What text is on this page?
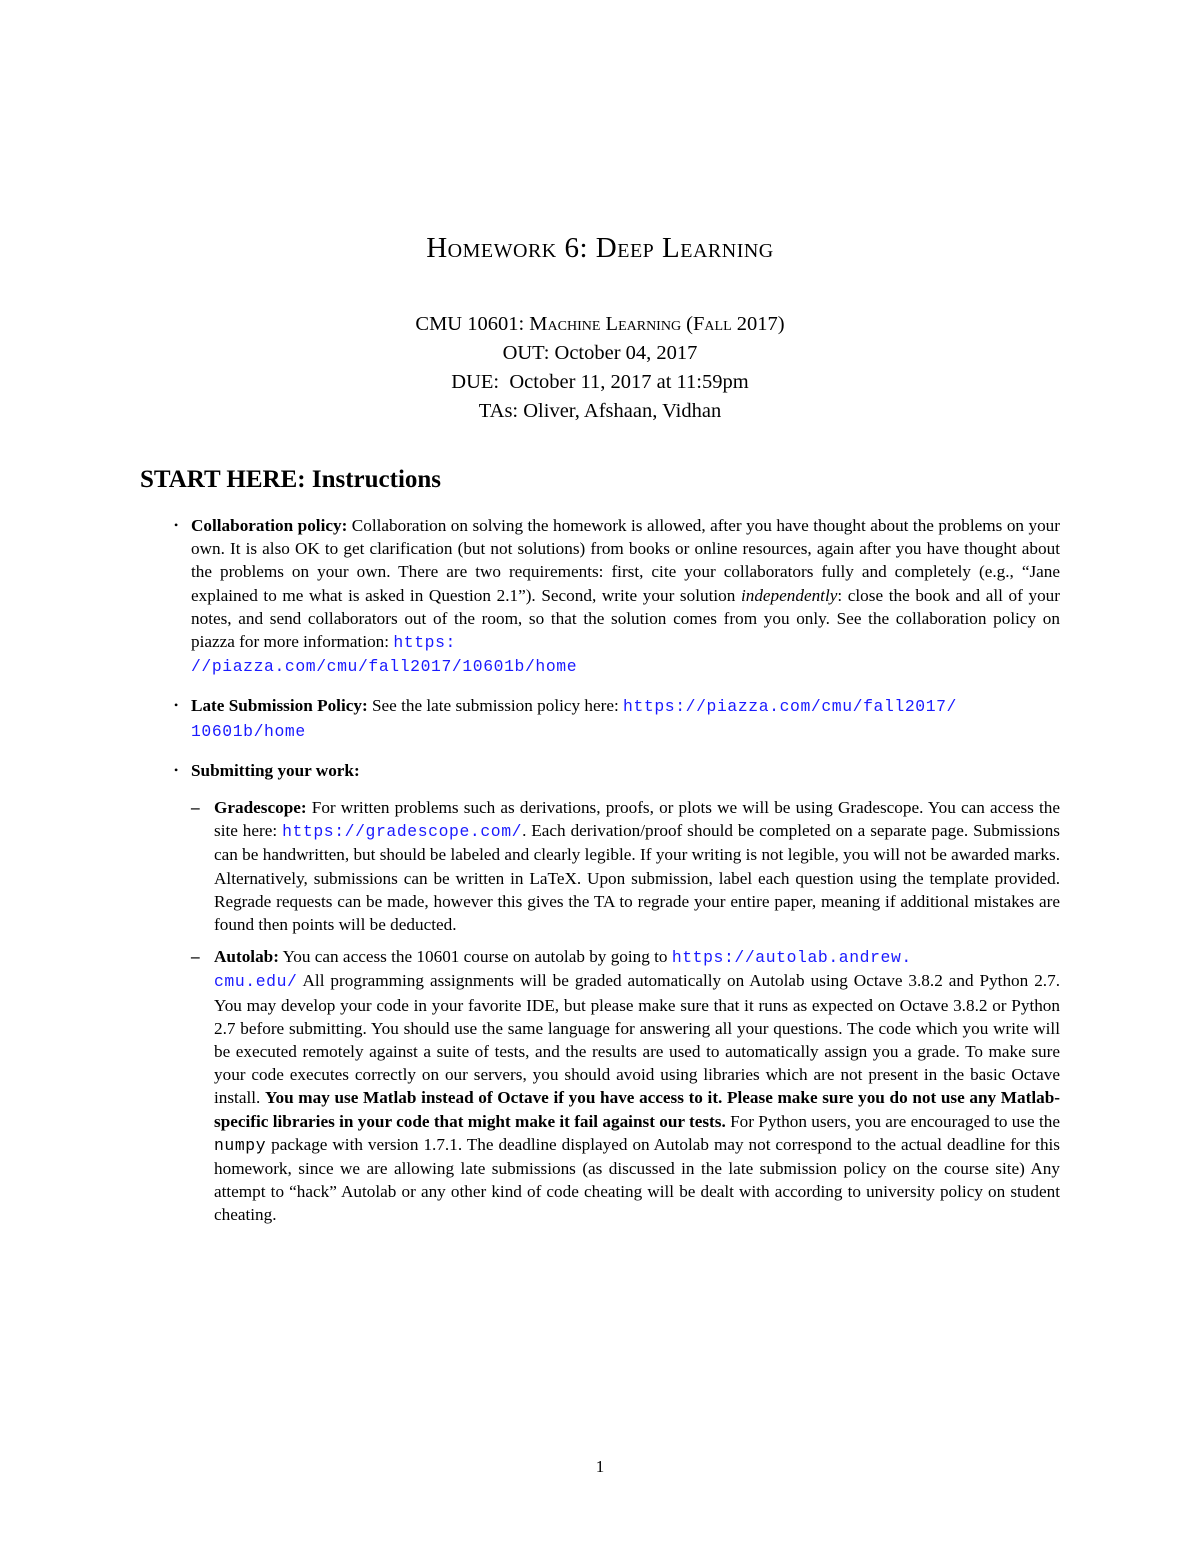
Homework 6: Deep Learning
CMU 10601: Machine Learning (Fall 2017)
OUT: October 04, 2017
DUE:  October 11, 2017 at 11:59pm
TAs: Oliver, Afshaan, Vidhan
START HERE: Instructions
• Collaboration policy: Collaboration on solving the homework is allowed, after you have thought about the problems on your own. It is also OK to get clarification (but not solutions) from books or online resources, again after you have thought about the problems on your own. There are two requirements: first, cite your collaborators fully and completely (e.g., “Jane explained to me what is asked in Question 2.1”). Second, write your solution independently: close the book and all of your notes, and send collaborators out of the room, so that the solution comes from you only. See the collaboration policy on piazza for more information: https:
//piazza.com/cmu/fall2017/10601b/home
• Late Submission Policy: See the late submission policy here: https://piazza.com/cmu/fall2017/
10601b/home
• Submitting your work:
– Gradescope: For written problems such as derivations, proofs, or plots we will be using Gradescope. You can access the site here: https://gradescope.com/. Each derivation/proof should be completed on a separate page. Submissions can be handwritten, but should be labeled and clearly legible. If your writing is not legible, you will not be awarded marks. Alternatively, submissions can be written in LaTeX. Upon submission, label each question using the template provided. Regrade requests can be made, however this gives the TA to regrade your entire paper, meaning if additional mistakes are found then points will be deducted.
– Autolab: You can access the 10601 course on autolab by going to https://autolab.andrew.
cmu.edu/ All programming assignments will be graded automatically on Autolab using Octave 3.8.2 and Python 2.7. You may develop your code in your favorite IDE, but please make sure that it runs as expected on Octave 3.8.2 or Python 2.7 before submitting. You should use the same language for answering all your questions. The code which you write will be executed remotely against a suite of tests, and the results are used to automatically assign you a grade. To make sure your code executes correctly on our servers, you should avoid using libraries which are not present in the basic Octave install. You may use Matlab instead of Octave if you have access to it. Please make sure you do not use any Matlab-specific libraries in your code that might make it fail against our tests. For Python users, you are encouraged to use the numpy package with version 1.7.1. The deadline displayed on Autolab may not correspond to the actual deadline for this homework, since we are allowing late submissions (as discussed in the late submission policy on the course site) Any attempt to “hack” Autolab or any other kind of code cheating will be dealt with according to university policy on student cheating.
1
